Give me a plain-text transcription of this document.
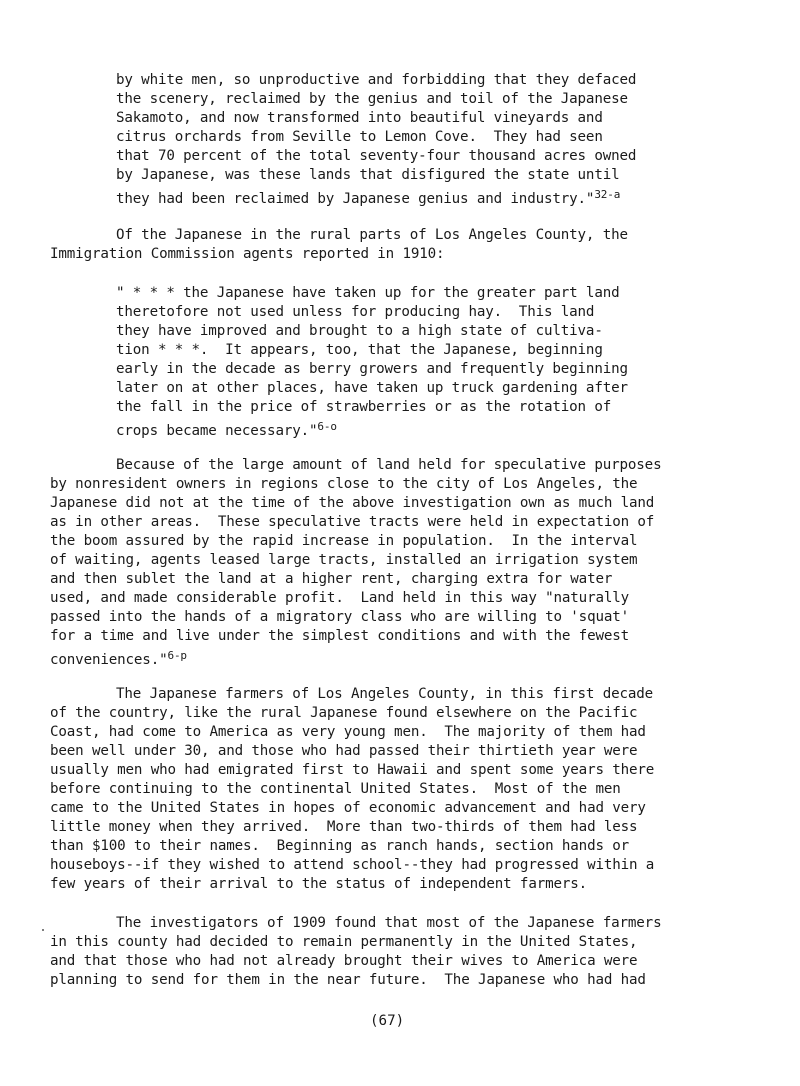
by white men, so unproductive and forbidding that they defaced
the scenery, reclaimed by the genius and toil of the Japanese
Sakamoto, and now transformed into beautiful vineyards and
citrus orchards from Seville to Lemon Cove.  They had seen
that 70 percent of the total seventy-four thousand acres owned
by Japanese, was these lands that disfigured the state until
they had been reclaimed by Japanese genius and industry."$^{32-a}$
Of the Japanese in the rural parts of Los Angeles County, the
Immigration Commission agents reported in 1910:
" * * * the Japanese have taken up for the greater part land
theretofore not used unless for producing hay.  This land
they have improved and brought to a high state of cultiva-
tion * * *.  It appears, too, that the Japanese, beginning
early in the decade as berry growers and frequently beginning
later on at other places, have taken up truck gardening after
the fall in the price of strawberries or as the rotation of
crops became necessary."$^{6-o}$
Because of the large amount of land held for speculative purposes
by nonresident owners in regions close to the city of Los Angeles, the
Japanese did not at the time of the above investigation own as much land
as in other areas.  These speculative tracts were held in expectation of
the boom assured by the rapid increase in population.  In the interval
of waiting, agents leased large tracts, installed an irrigation system
and then sublet the land at a higher rent, charging extra for water
used, and made considerable profit.  Land held in this way "naturally
passed into the hands of a migratory class who are willing to 'squat'
for a time and live under the simplest conditions and with the fewest
conveniences."$^{6-p}$
The Japanese farmers of Los Angeles County, in this first decade
of the country, like the rural Japanese found elsewhere on the Pacific
Coast, had come to America as very young men.  The majority of them had
been well under 30, and those who had passed their thirtieth year were
usually men who had emigrated first to Hawaii and spent some years there
before continuing to the continental United States.  Most of the men
came to the United States in hopes of economic advancement and had very
little money when they arrived.  More than two-thirds of them had less
than $100 to their names.  Beginning as ranch hands, section hands or
houseboys--if they wished to attend school--they had progressed within a
few years of their arrival to the status of independent farmers.
The investigators of 1909 found that most of the Japanese farmers
in this county had decided to remain permanently in the United States,
and that those who had not already brought their wives to America were
planning to send for them in the near future.  The Japanese who had had
(67)
